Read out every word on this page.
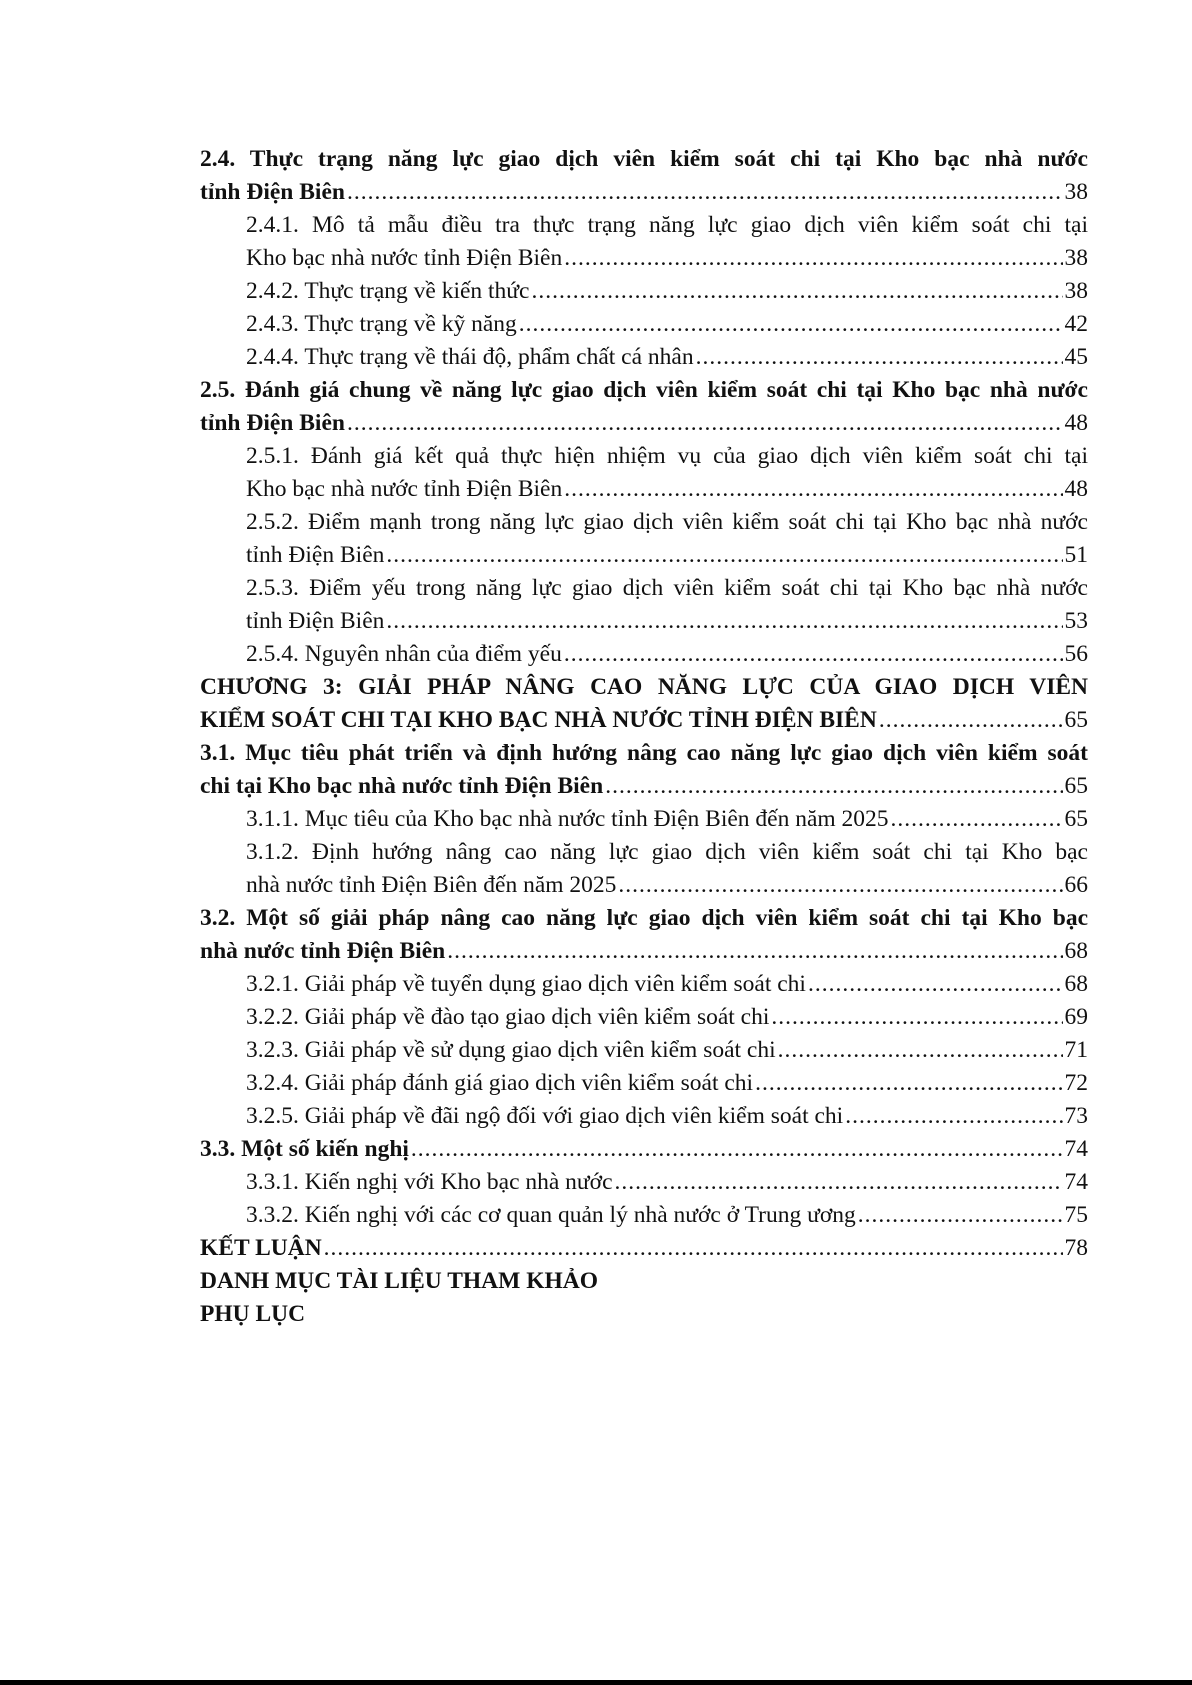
2.4. Thực trạng năng lực giao dịch viên kiểm soát chi tại Kho bạc nhà nước
tỉnh Điện Biên .....	38
2.4.1. Mô tả mẫu điều tra thực trạng năng lực giao dịch viên kiểm soát chi tại
Kho bạc nhà nước tỉnh Điện Biên .....	38
2.4.2. Thực trạng về kiến thức .....	38
2.4.3. Thực trạng về kỹ năng .....	42
2.4.4. Thực trạng về thái độ, phẩm chất cá nhân .....	45
2.5. Đánh giá chung về năng lực giao dịch viên kiểm soát chi tại Kho bạc nhà nước
tỉnh Điện Biên .....	48
2.5.1. Đánh giá kết quả thực hiện nhiệm vụ của giao dịch viên kiểm soát chi tại
Kho bạc nhà nước tỉnh Điện Biên .....	48
2.5.2. Điểm mạnh trong năng lực giao dịch viên kiểm soát chi tại Kho bạc nhà nước
tỉnh Điện Biên .....	51
2.5.3. Điểm yếu trong năng lực giao dịch viên kiểm soát chi tại Kho bạc nhà nước
tỉnh Điện Biên .....	53
2.5.4. Nguyên nhân của điểm yếu .....	56
CHƯƠNG 3: GIẢI PHÁP NÂNG CAO NĂNG LỰC CỦA GIAO DỊCH VIÊN
KIỂM SOÁT CHI TẠI KHO BẠC NHÀ NƯỚC TỈNH ĐIỆN BIÊN .....	65
3.1. Mục tiêu phát triển và định hướng nâng cao năng lực giao dịch viên kiểm soát
chi tại Kho bạc nhà nước tỉnh Điện Biên .....	65
3.1.1. Mục tiêu của Kho bạc nhà nước tỉnh Điện Biên đến năm 2025 .....	65
3.1.2. Định hướng nâng cao năng lực giao dịch viên kiểm soát chi tại Kho bạc
nhà nước tỉnh Điện Biên đến năm 2025 .....	66
3.2. Một số giải pháp nâng cao năng lực giao dịch viên kiểm soát chi tại Kho bạc
nhà nước tỉnh Điện Biên .....	68
3.2.1. Giải pháp về tuyển dụng giao dịch viên kiểm soát chi .....	68
3.2.2. Giải pháp về đào tạo giao dịch viên kiểm soát chi .....	69
3.2.3. Giải pháp về sử dụng giao dịch viên kiểm soát chi .....	71
3.2.4. Giải pháp đánh giá giao dịch viên kiểm soát chi .....	72
3.2.5. Giải pháp về đãi ngộ đối với giao dịch viên kiểm soát chi .....	73
3.3. Một số kiến nghị .....	74
3.3.1. Kiến nghị với Kho bạc nhà nước .....	74
3.3.2. Kiến nghị với các cơ quan quản lý nhà nước ở Trung ương .....	75
KẾT LUẬN .....	78
DANH MỤC TÀI LIỆU THAM KHẢO
PHỤ LỤC
